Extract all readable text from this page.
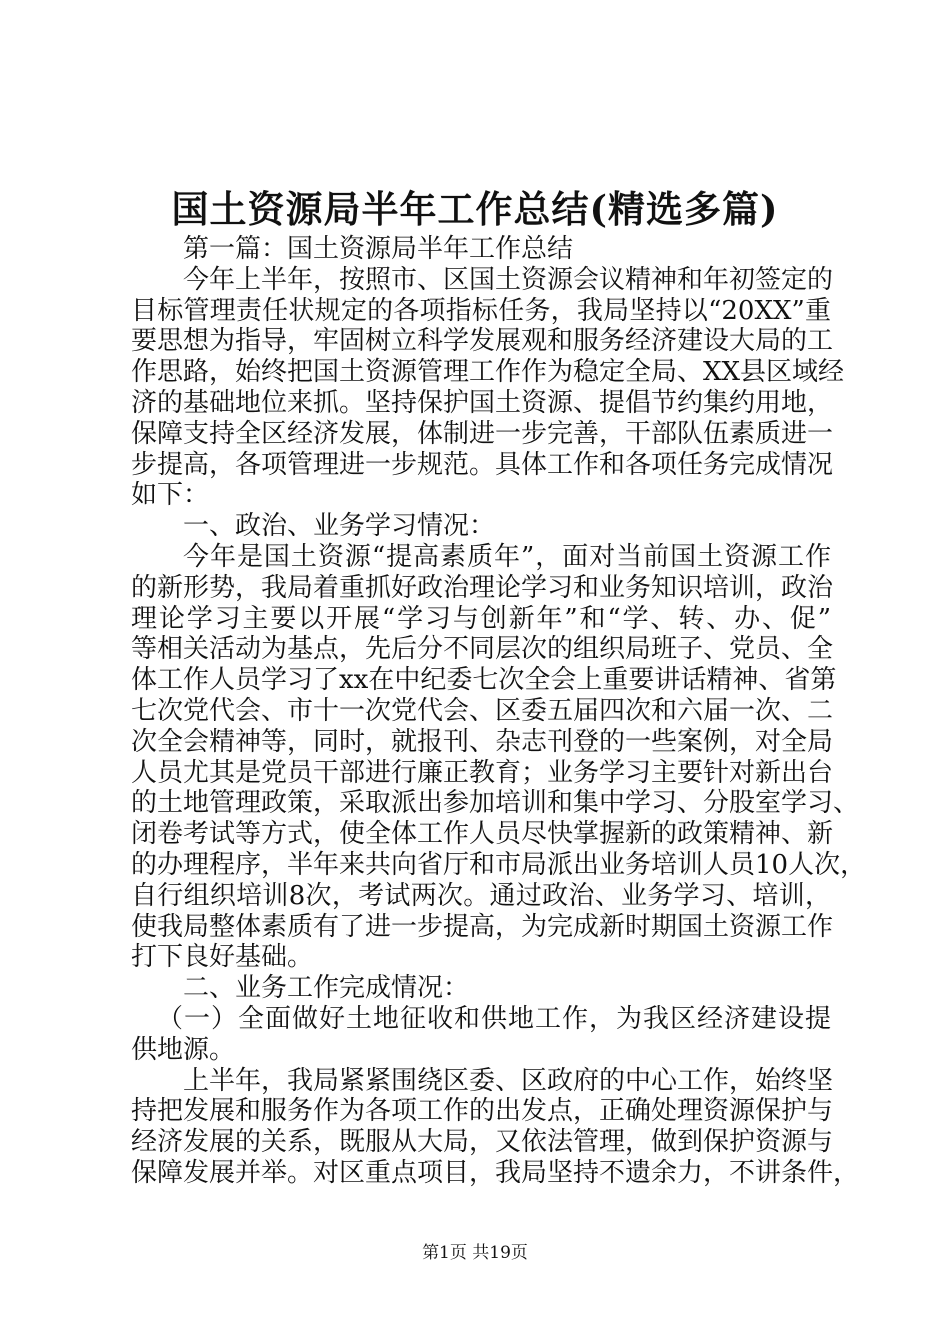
国土资源局半年工作总结(精选多篇)
第一篇：国土资源局半年工作总结
今年上半年，按照市、区国土资源会议精神和年初签定的
目标管理责任状规定的各项指标任务，我局坚持以“20XX”重
要思想为指导，牢固树立科学发展观和服务经济建设大局的工
作思路，始终把国土资源管理工作作为稳定全局、XX县区域经
济的基础地位来抓。坚持保护国土资源、提倡节约集约用地，
保障支持全区经济发展，体制进一步完善，干部队伍素质进一
步提高，各项管理进一步规范。具体工作和各项任务完成情况
如下：
一、政治、业务学习情况：
今年是国土资源“提高素质年”，面对当前国土资源工作
的新形势，我局着重抓好政治理论学习和业务知识培训，政治
理论学习主要以开展“学习与创新年”和“学、转、办、促”
等相关活动为基点，先后分不同层次的组织局班子、党员、全
体工作人员学习了xx在中纪委七次全会上重要讲话精神、省第
七次党代会、市十一次党代会、区委五届四次和六届一次、二
次全会精神等，同时，就报刊、杂志刊登的一些案例，对全局
人员尤其是党员干部进行廉正教育；业务学习主要针对新出台
的土地管理政策，采取派出参加培训和集中学习、分股室学习、
闭卷考试等方式，使全体工作人员尽快掌握新的政策精神、新
的办理程序，半年来共向省厅和市局派出业务培训人员10人次，
自行组织培训8次，考试两次。通过政治、业务学习、培训，
使我局整体素质有了进一步提高，为完成新时期国土资源工作
打下良好基础。
二、业务工作完成情况：
（一）全面做好土地征收和供地工作，为我区经济建设提
供地源。
上半年，我局紧紧围绕区委、区政府的中心工作，始终坚
持把发展和服务作为各项工作的出发点，正确处理资源保护与
经济发展的关系，既服从大局，又依法管理，做到保护资源与
保障发展并举。对区重点项目，我局坚持不遗余力，不讲条件，
第1页 共19页
